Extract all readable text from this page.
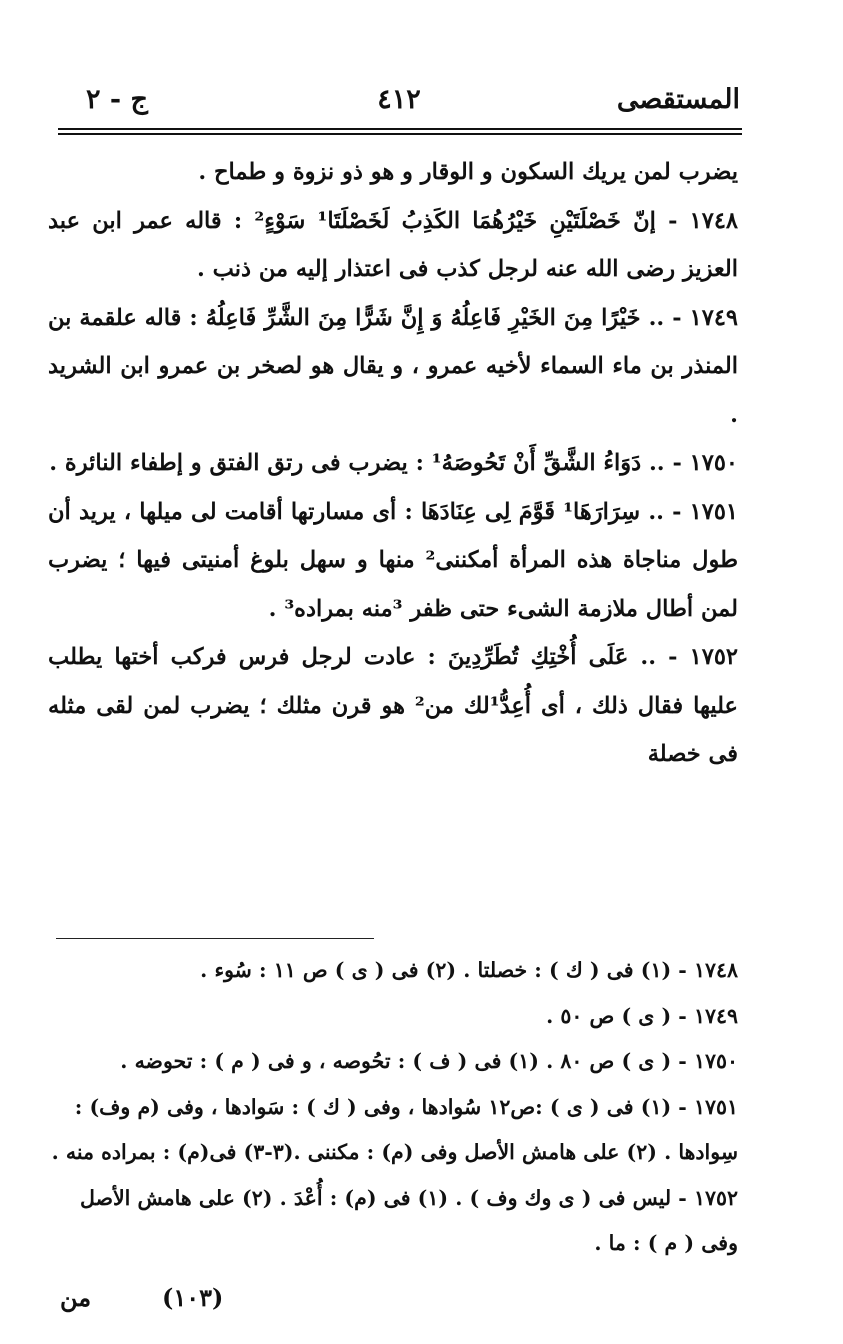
المستقصى
٤١٢
ج - ٢

يضرب لمن يريك السكون و الوقار و هو ذو نزوة و طماح .

١٧٤٨ - إنّ خَصْلَتَيْنِ خَيْرُهُمَا الكَذِبُ لَخَصْلَتَا¹ سَوْءٍ² : قاله عمر ابن عبد العزيز رضى الله عنه لرجل كذب فى اعتذار إليه من ذنب .

١٧٤٩ - .. خَيْرًا مِنَ الخَيْرِ فَاعِلُهُ وَ إِنَّ شَرًّا مِنَ الشَّرِّ فَاعِلُهُ : قاله علقمة بن المنذر بن ماء السماء لأخيه عمرو ، و يقال هو لصخر بن عمرو ابن الشريد .

١٧٥٠ - .. دَوَاءُ الشَّقِّ أَنْ تَحُوصَهُ¹ : يضرب فى رتق الفتق و إطفاء النائرة .

١٧٥١ - .. سِرَارَهَا¹ قَوَّمَ لِى عِنَادَهَا : أى مسارتها أقامت لى ميلها ، يريد أن طول مناجاة هذه المرأة أمكننى² منها و سهل بلوغ أمنيتى فيها ؛ يضرب لمن أطال ملازمة الشىء حتى ظفر ³منه بمراده³ .

١٧٥٢ - .. عَلَى أُخْتِكِ تُطَرِّدِينَ : عادت لرجل فرس فركب أختها يطلب عليها فقال ذلك ، أى أُعِدُّ¹لك من² هو قرن مثلك ؛ يضرب لمن لقى مثله فى خصلة

١٧٤٨ - (١) فى ( ك ) : خصلتا . (٢) فى ( ى ) ص ١١ : سُوء .

١٧٤٩ - ( ى ) ص ٥٠ .

١٧٥٠ - ( ى ) ص ٨٠ . (١) فى ( ف ) : تحُوصه ، و فى ( م ) : تحوضه .

١٧٥١ - (١) فى ( ى ) :ص١٢ سُوادها ، وفى ( ك ) : سَوادها ، وفى (م وف) : سِوادها . (٢) على هامش الأصل وفى (م) : مكننى .(٣-٣) فى(م) : بمراده منه .

١٧٥٢ - ليس فى ( ى وك وف ) . (١) فى (م) : أُعْدَ . (٢) على هامش الأصل وفى ( م ) : ما .

(١٠٣)
من
